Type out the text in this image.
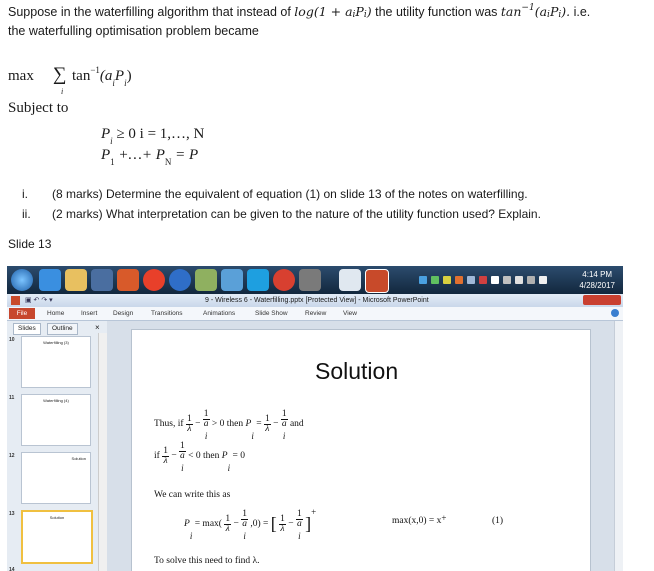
Suppose in the waterfilling algorithm that instead of $\log(1 + a_iP_i)$ the utility function was $\tan^{-1}(a_iP_i)$. i.e.
the waterfulling optimisation problem became
max ∑
i
$\tan^{-1}(a_iP_i)$
Subject to
$P_i \ge 0$ i = 1,…, N
$P_1$ +…+ $P_N = P$
i. (8 marks) Determine the equivalent of equation (1) on slide 13 of the notes on waterfilling.
ii. (2 marks) What interpretation can be given to the nature of the utility function used? Explain.
Slide 13
4:14 PM
4/28/2017
▣ ↶ ↷ ▾	9 - Wireless 6 - Waterfilling.pptx [Protected View] - Microsoft PowerPoint
File	Home	Insert Design	Transitions	Animations	Slide Show	Review	View
Slides	Outline	×
10	Waterfilling (3)
11	Waterfilling (4)
12	Solution
13
Solution
14
Solution
Thus, if $\frac{1}{\lambda} - 1$
a
i > 0 then $Pi = \frac{1}{\lambda} - 1$
a
i and
if $\frac{1}{\lambda} - 1$
a
i < 0 then Pi = 0
We can write this as
$Pi = \max( \frac{1}{\lambda} - 1$
a
i ,0) = [ $\frac{1}{\lambda} - 1$
a
i ]+
max(x,0) = x+	(1)
To solve this need to find λ.
